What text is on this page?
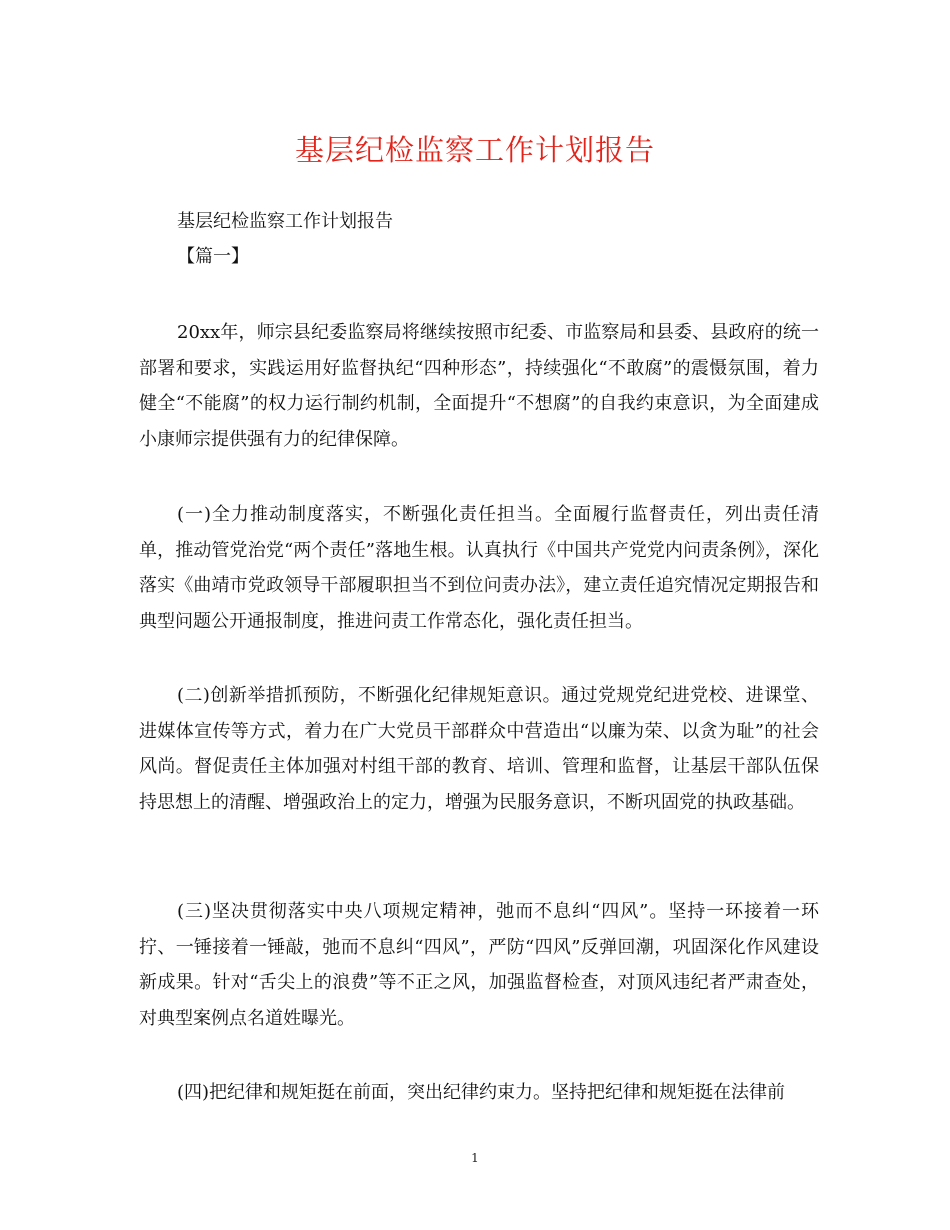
基层纪检监察工作计划报告
基层纪检监察工作计划报告
【篇一】

20xx年，师宗县纪委监察局将继续按照市纪委、市监察局和县委、县政府的统一部署和要求，实践运用好监督执纪“四种形态”，持续强化“不敢腐”的震慑氛围，着力健全“不能腐”的权力运行制约机制，全面提升“不想腐”的自我约束意识，为全面建成小康师宗提供强有力的纪律保障。

(一)全力推动制度落实，不断强化责任担当。全面履行监督责任，列出责任清单，推动管党治党“两个责任”落地生根。认真执行《中国共产党党内问责条例》，深化落实《曲靖市党政领导干部履职担当不到位问责办法》，建立责任追究情况定期报告和典型问题公开通报制度，推进问责工作常态化，强化责任担当。

(二)创新举措抓预防，不断强化纪律规矩意识。通过党规党纪进党校、进课堂、进媒体宣传等方式，着力在广大党员干部群众中营造出“以廉为荣、以贪为耻”的社会风尚。督促责任主体加强对村组干部的教育、培训、管理和监督，让基层干部队伍保持思想上的清醒、增强政治上的定力，增强为民服务意识，不断巩固党的执政基础。

(三)坚决贯彻落实中央八项规定精神，弛而不息纠“四风”。坚持一环接着一环拧、一锤接着一锤敲，弛而不息纠“四风”，严防“四风”反弹回潮，巩固深化作风建设新成果。针对“舌尖上的浪费”等不正之风，加强监督检查，对顶风违纪者严肃查处，对典型案例点名道姓曝光。

(四)把纪律和规矩挺在前面，突出纪律约束力。坚持把纪律和规矩挺在法律前

1
